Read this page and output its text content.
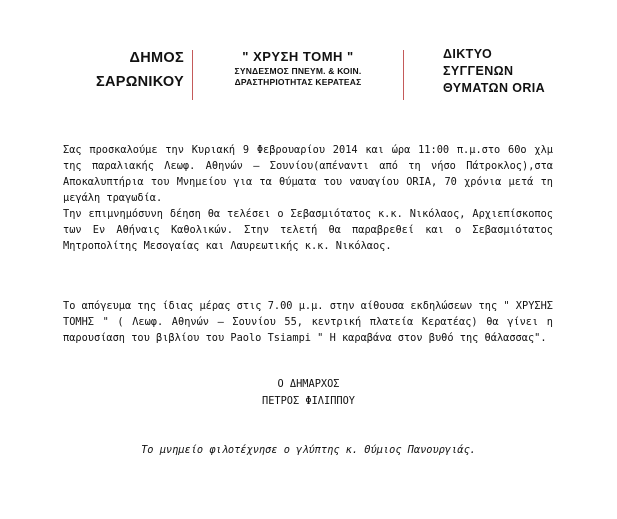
ΔΗΜΟΣ
ΣΑΡΩΝΙΚΟΥ
" ΧΡΥΣΗ ΤΟΜΗ "
ΣΥΝΔΕΣΜΟΣ ΠΝΕΥΜ. & ΚΟΙΝ.
ΔΡΑΣΤΗΡΙΟΤΗΤΑΣ ΚΕΡΑΤΕΑΣ
ΔΙΚΤΥΟ
ΣΥΓΓΕΝΩΝ
ΘΥΜΑΤΩΝ ORIA

Σας προσκαλούμε την Κυριακή 9 Φεβρουαρίου 2014 και ώρα 11:00 π.μ.στο 60ο χλμ της παραλιακής Λεωφ. Αθηνών – Σουνίου(απέναντι από τη νήσο Πάτροκλος),στα Αποκαλυπτήρια του Μνημείου για τα θύματα του ναυαγίου ORIA, 70 χρόνια μετά τη μεγάλη τραγωδία.

Την επιμνημόσυνη δέηση θα τελέσει ο Σεβασμιότατος κ.κ. Νικόλαος, Αρχιεπίσκοπος των Εν Αθήναις Καθολικών. Στην τελετή θα παραβρεθεί και ο Σεβασμιότατος Μητροπολίτης Μεσογαίας και Λαυρεωτικής κ.κ. Νικόλαος.

Το απόγευμα της ίδιας μέρας στις 7.00 μ.μ. στην αίθουσα εκδηλώσεων της " ΧΡΥΣΗΣ ΤΟΜΗΣ " ( Λεωφ. Αθηνών – Σουνίου 55, κεντρική πλατεία Κερατέας) θα γίνει η παρουσίαση του βιβλίου του Paolo Tsiampi " Η καραβάνα στον βυθό της θάλασσας".

Ο ΔΗΜΑΡΧΟΣ
ΠΕΤΡΟΣ ΦΙΛΙΠΠΟΥ
Το μνημείο φιλοτέχνησε ο γλύπτης κ. Θύμιος Πανουργιάς.
